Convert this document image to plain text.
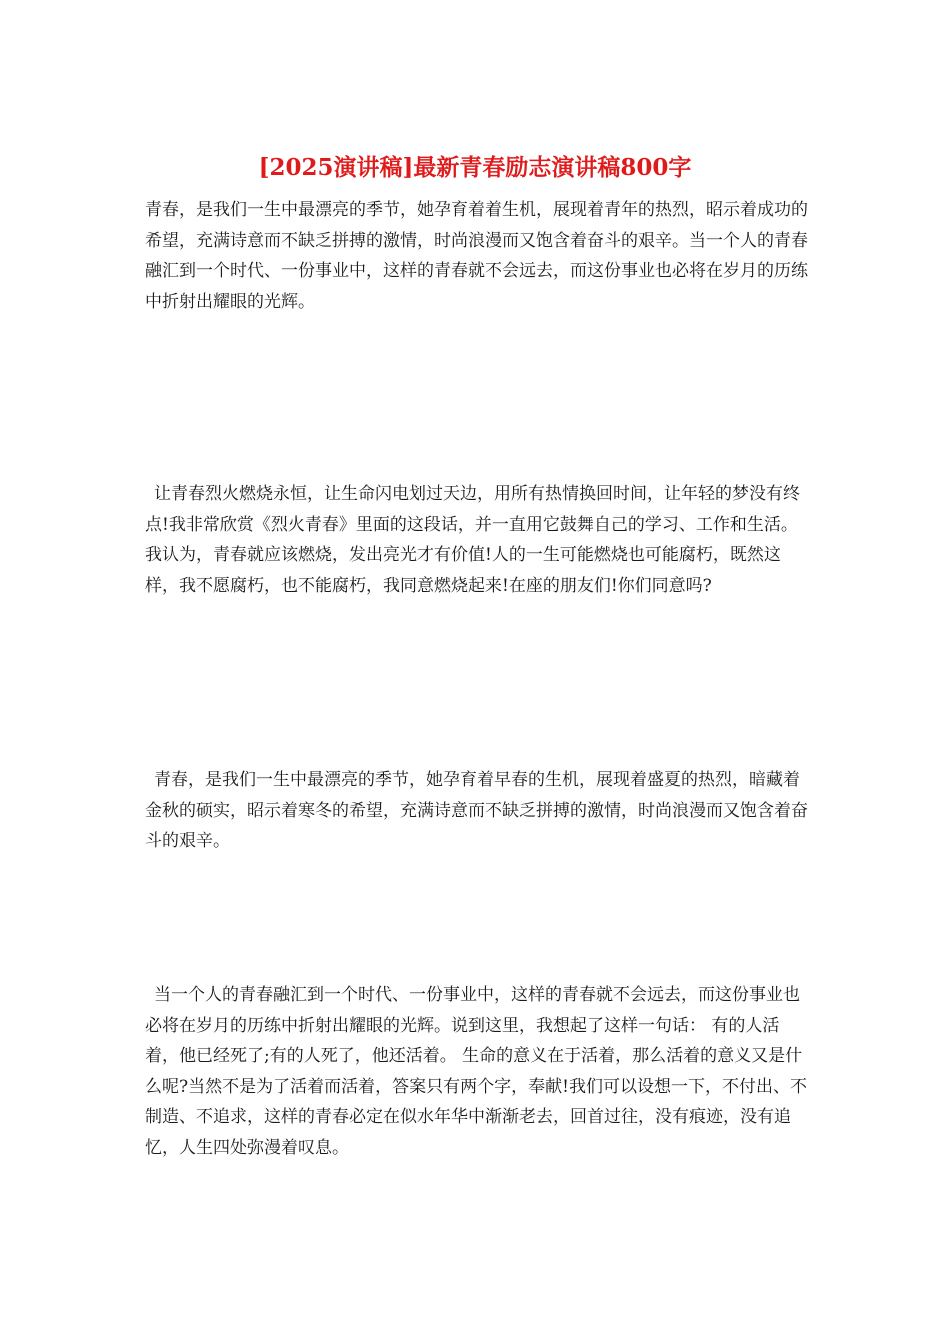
[2025演讲稿]最新青春励志演讲稿800字

青春，是我们一生中最漂亮的季节，她孕育着着生机，展现着青年的热烈，昭示着成功的希望，充满诗意而不缺乏拼搏的激情，时尚浪漫而又饱含着奋斗的艰辛。当一个人的青春融汇到一个时代、一份事业中，这样的青春就不会远去，而这份事业也必将在岁月的历练中折射出耀眼的光辉。

让青春烈火燃烧永恒，让生命闪电划过天边，用所有热情换回时间，让年轻的梦没有终点!我非常欣赏《烈火青春》里面的这段话，并一直用它鼓舞自己的学习、工作和生活。我认为，青春就应该燃烧，发出亮光才有价值!人的一生可能燃烧也可能腐朽，既然这样，我不愿腐朽，也不能腐朽，我同意燃烧起来!在座的朋友们!你们同意吗?

青春，是我们一生中最漂亮的季节，她孕育着早春的生机，展现着盛夏的热烈，暗藏着金秋的硕实，昭示着寒冬的希望，充满诗意而不缺乏拼搏的激情，时尚浪漫而又饱含着奋斗的艰辛。

当一个人的青春融汇到一个时代、一份事业中，这样的青春就不会远去，而这份事业也必将在岁月的历练中折射出耀眼的光辉。说到这里，我想起了这样一句话： 有的人活着，他已经死了;有的人死了，他还活着。 生命的意义在于活着，那么活着的意义又是什么呢?当然不是为了活着而活着，答案只有两个字，奉献!我们可以设想一下，不付出、不制造、不追求，这样的青春必定在似水年华中渐渐老去，回首过往，没有痕迹，没有追忆，人生四处弥漫着叹息。
